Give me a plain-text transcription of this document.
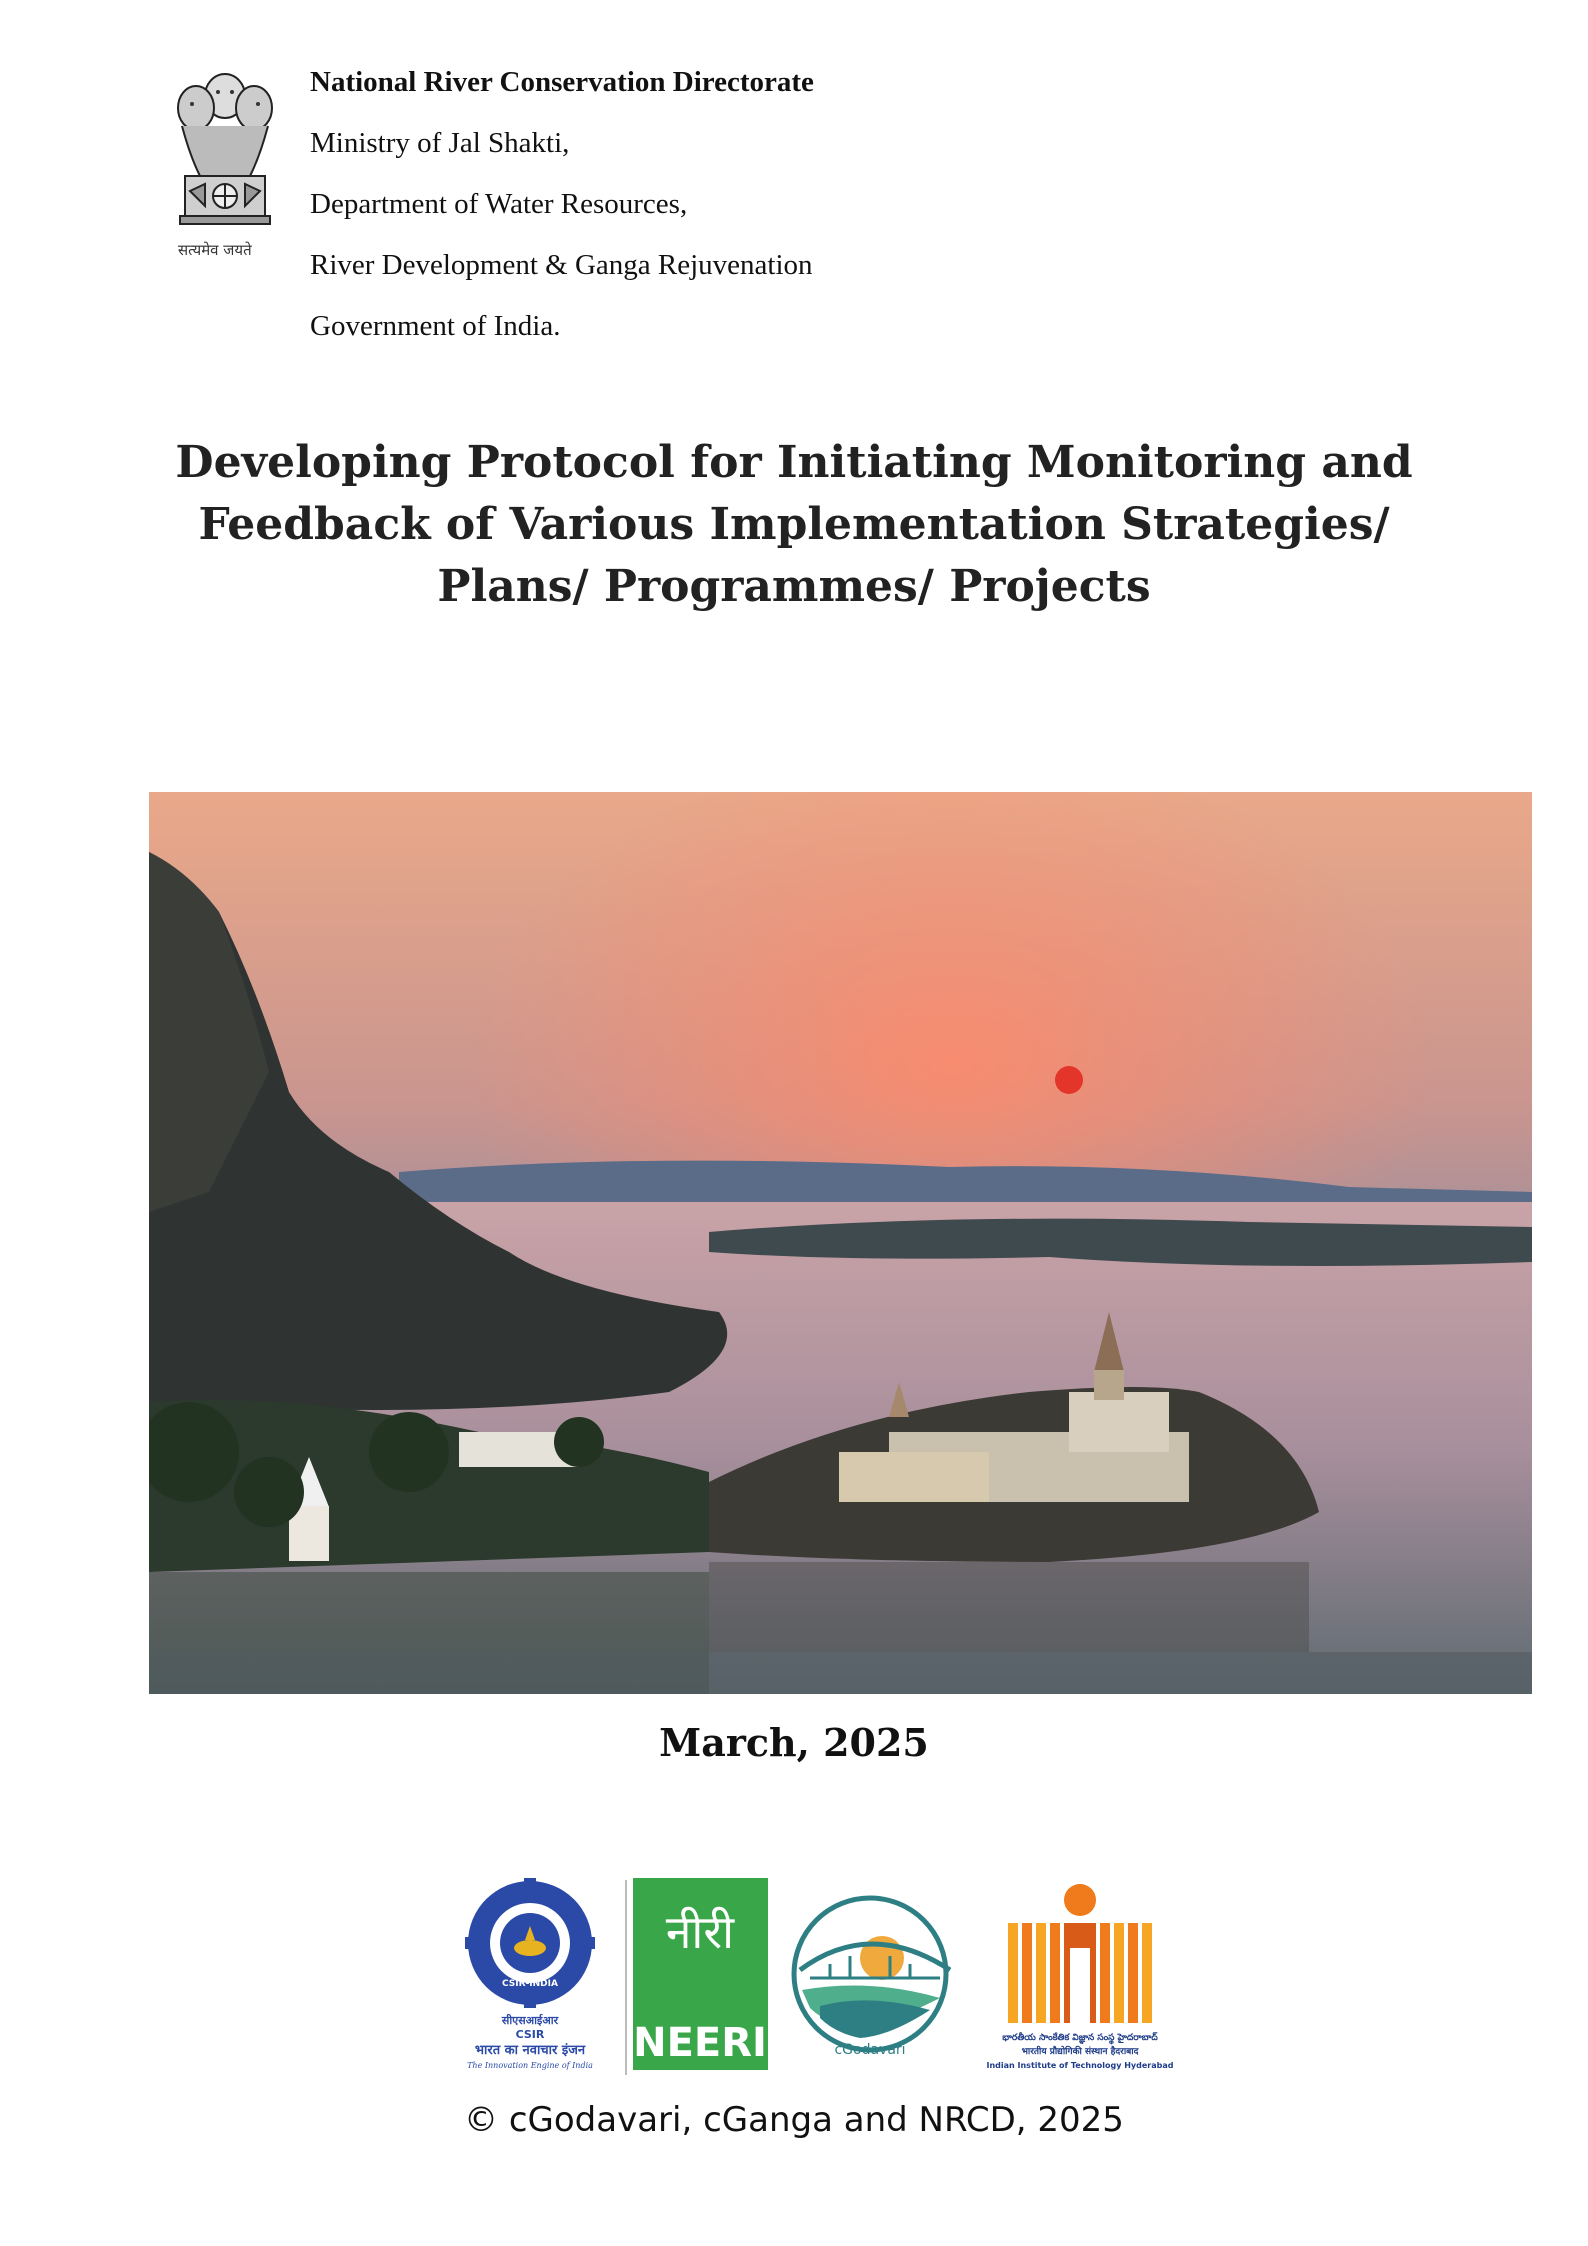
सत्यमेव जयते
National River Conservation Directorate
Ministry of Jal Shakti,
Department of Water Resources,
River Development & Ganga Rejuvenation
Government of India.
Developing Protocol for Initiating Monitoring and
Feedback of Various Implementation Strategies/
Plans/ Programmes/ Projects
March, 2025
CSIR-INDIA
सीएसआईआर
CSIR
भारत का नवाचार इंजन
The Innovation Engine of India
नीरी
NEERI	cGodavari
భారతీయ సాంకేతిక విజ్ఞాన సంస్థ హైదరాబాద్
भारतीय प्रौद्योगिकी संस्थान हैदराबाद
Indian Institute of Technology Hyderabad
© cGodavari, cGanga and NRCD, 2025
